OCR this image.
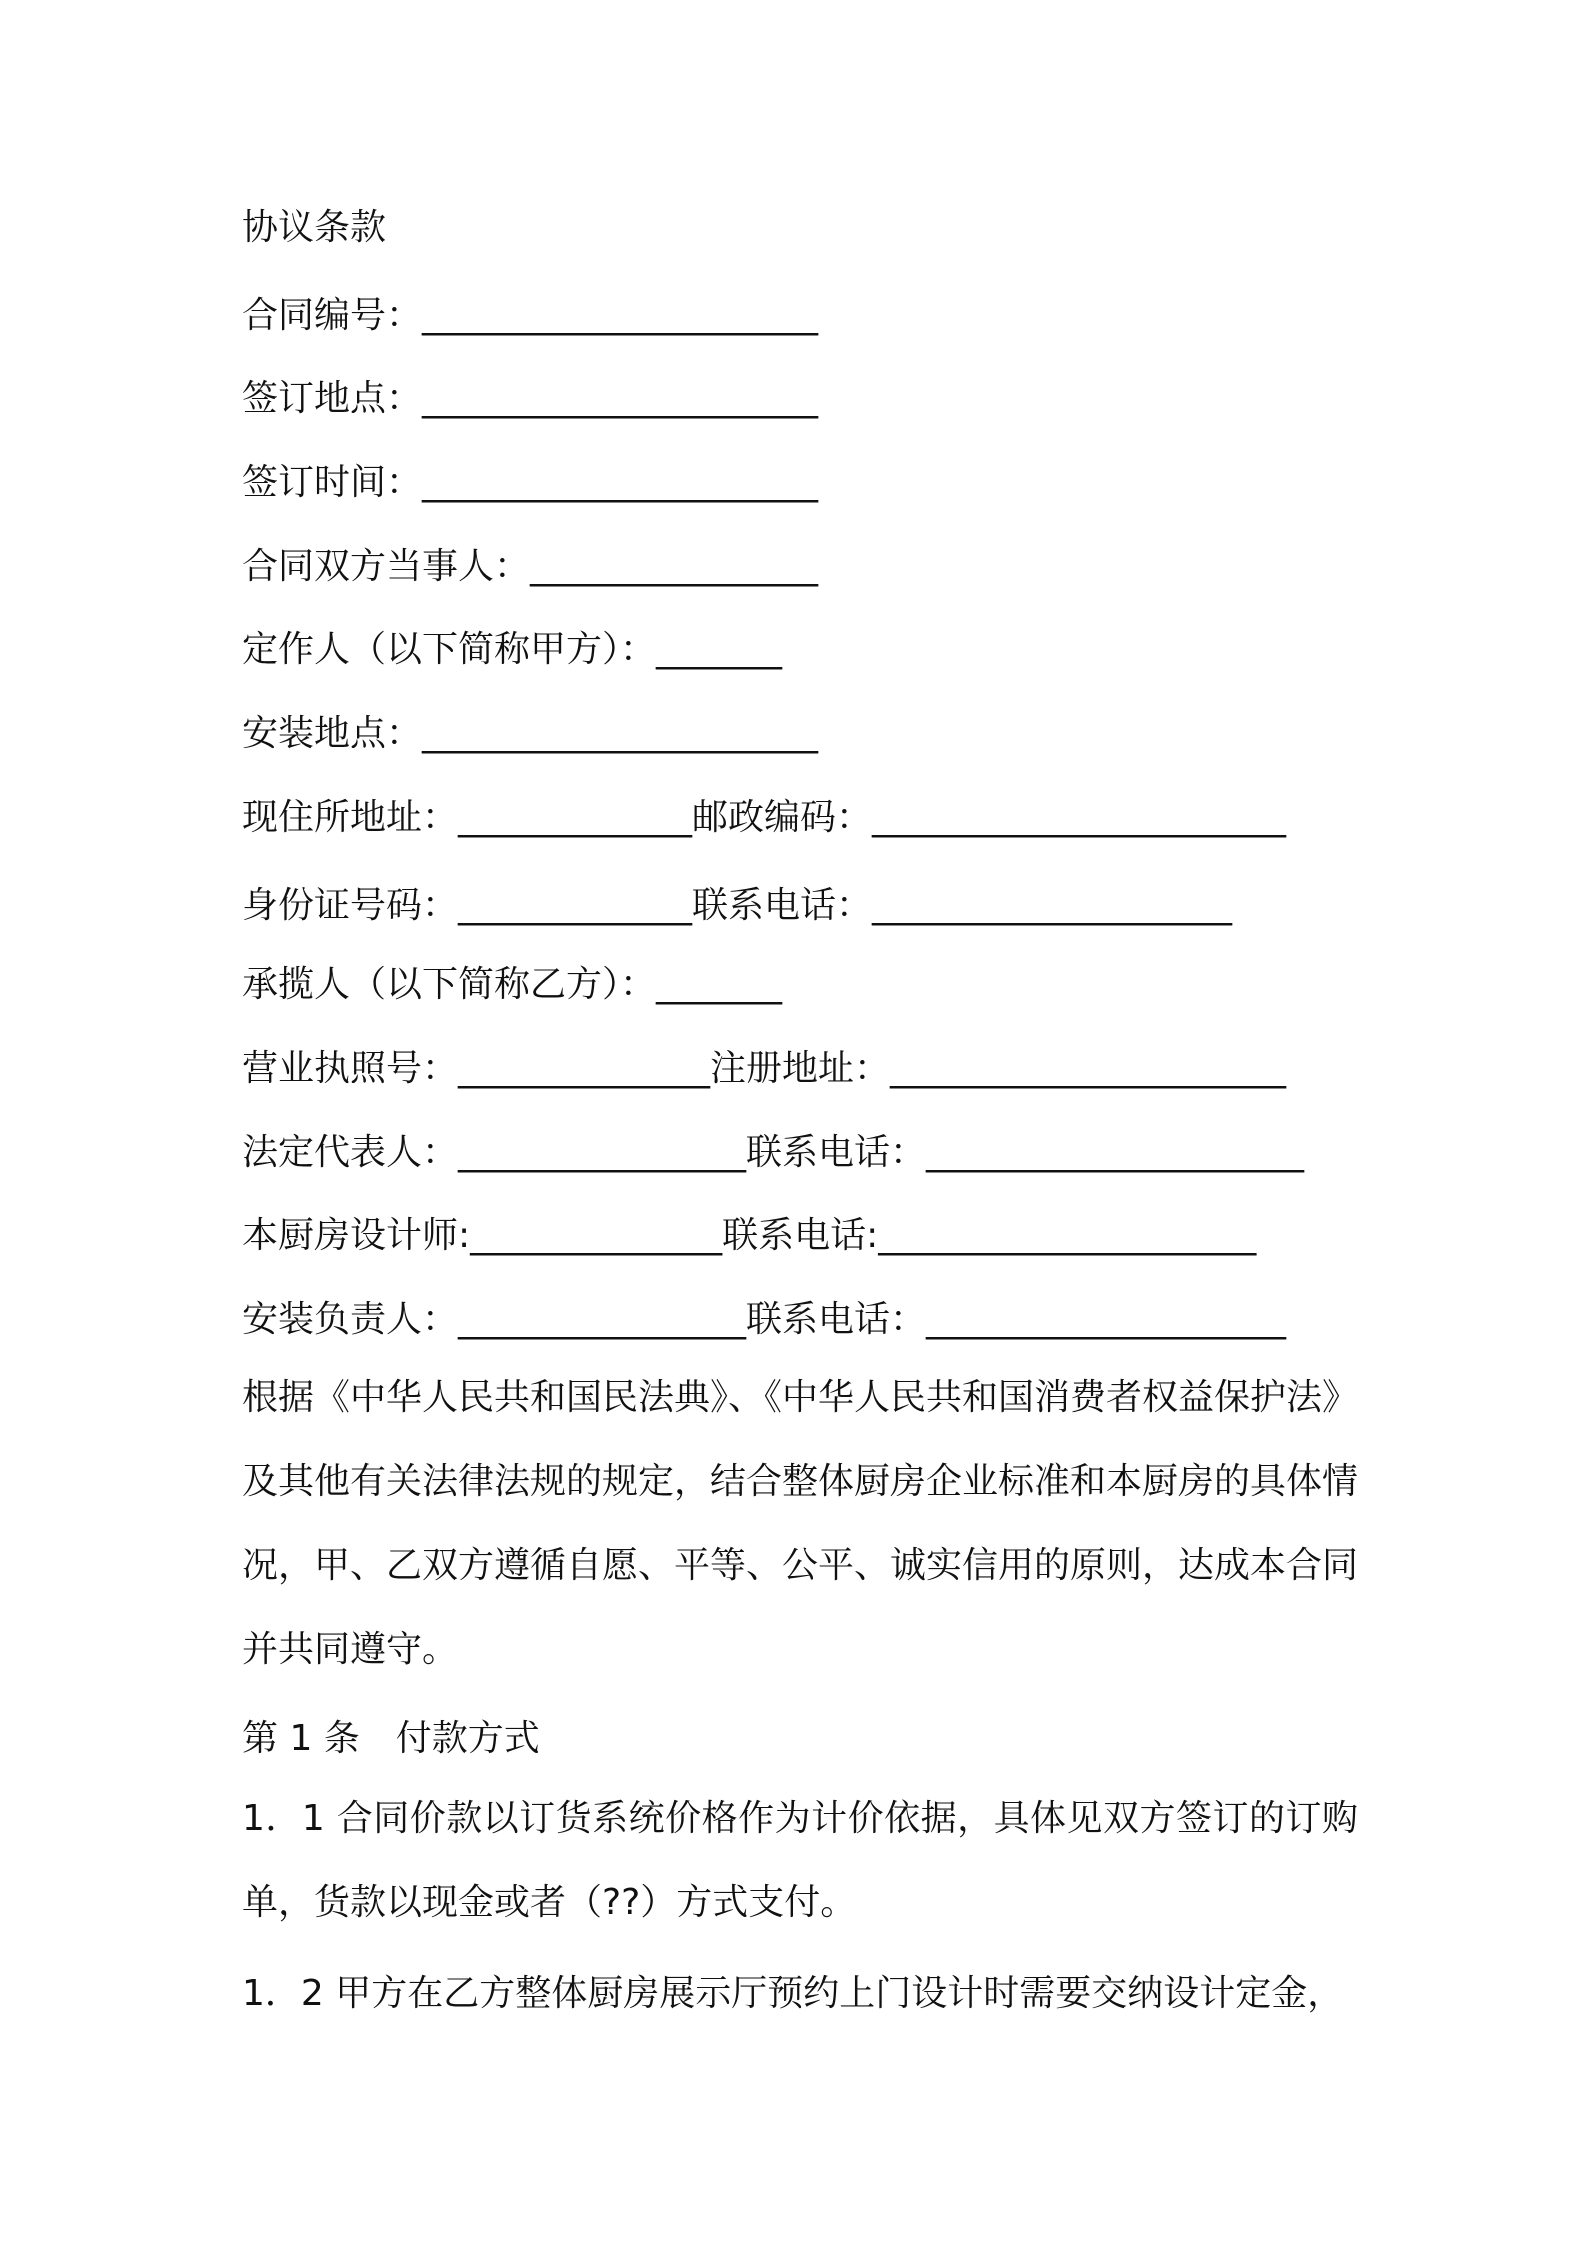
协议条款
合同编号：______________________
签订地点：______________________
签订时间：______________________
合同双方当事人：________________
定作人（以下简称甲方）：_______
安装地点：______________________
现住所地址：_____________邮政编码：_______________________
身份证号码：_____________联系电话：____________________
承揽人（以下简称乙方）：_______
营业执照号：______________注册地址：______________________
法定代表人：________________联系电话：_____________________
本厨房设计师:______________联系电话:_____________________
安装负责人：________________联系电话：____________________
根据《中华人民共和国民法典》、《中华人民共和国消费者权益保护法》及其他有关法律法规的规定，结合整体厨房企业标准和本厨房的具体情况，甲、乙双方遵循自愿、平等、公平、诚实信用的原则，达成本合同并共同遵守。
第 1 条　付款方式
1．1 合同价款以订货系统价格作为计价依据，具体见双方签订的订购单，货款以现金或者（??）方式支付。
1．2 甲方在乙方整体厨房展示厅预约上门设计时需要交纳设计定金，
